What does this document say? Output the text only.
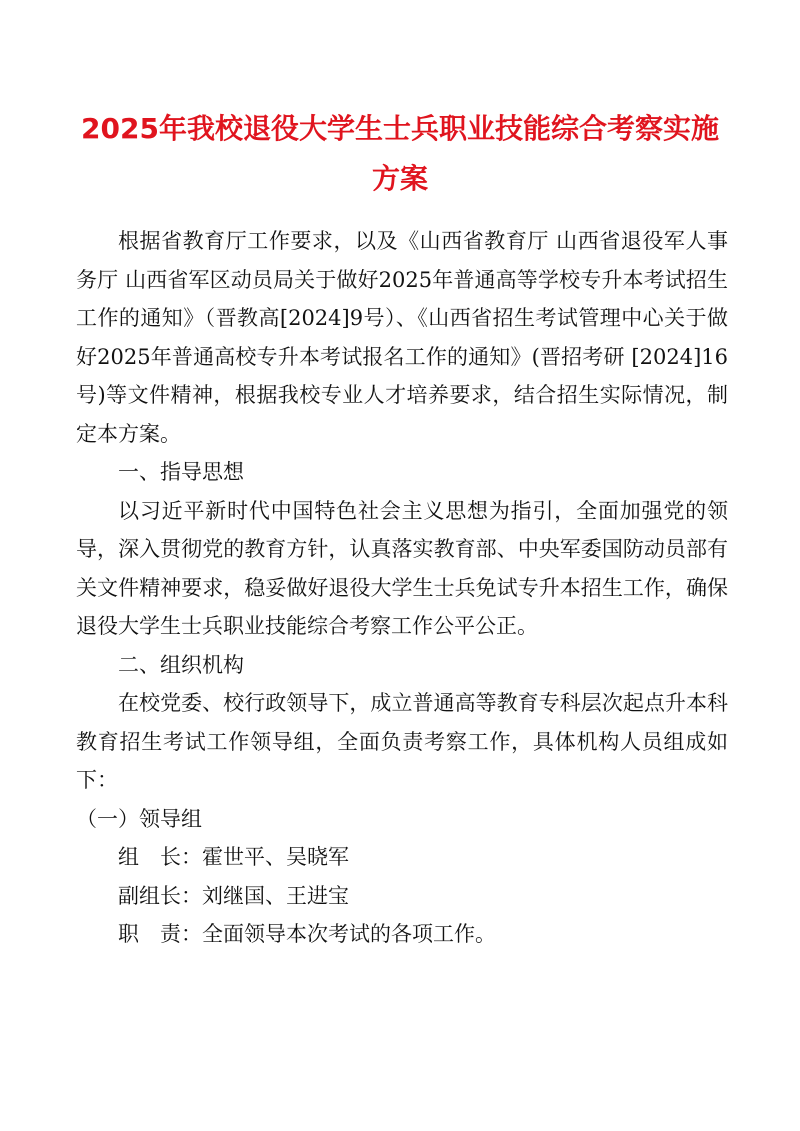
2025年我校退役大学生士兵职业技能综合考察实施方案

根据省教育厅工作要求，以及《山西省教育厅 山西省退役军人事务厅 山西省军区动员局关于做好2025年普通高等学校专升本考试招生工作的通知》（晋教高[2024]9号）、《山西省招生考试管理中心关于做好2025年普通高校专升本考试报名工作的通知》(晋招考研 [2024]16号)等文件精神，根据我校专业人才培养要求，结合招生实际情况，制定本方案。

一、指导思想

以习近平新时代中国特色社会主义思想为指引，全面加强党的领导，深入贯彻党的教育方针，认真落实教育部、中央军委国防动员部有关文件精神要求，稳妥做好退役大学生士兵免试专升本招生工作，确保退役大学生士兵职业技能综合考察工作公平公正。

二、组织机构

在校党委、校行政领导下，成立普通高等教育专科层次起点升本科教育招生考试工作领导组，全面负责考察工作，具体机构人员组成如下：

（一）领导组

组　长：霍世平、吴晓军

副组长：刘继国、王进宝

职　责：全面领导本次考试的各项工作。
